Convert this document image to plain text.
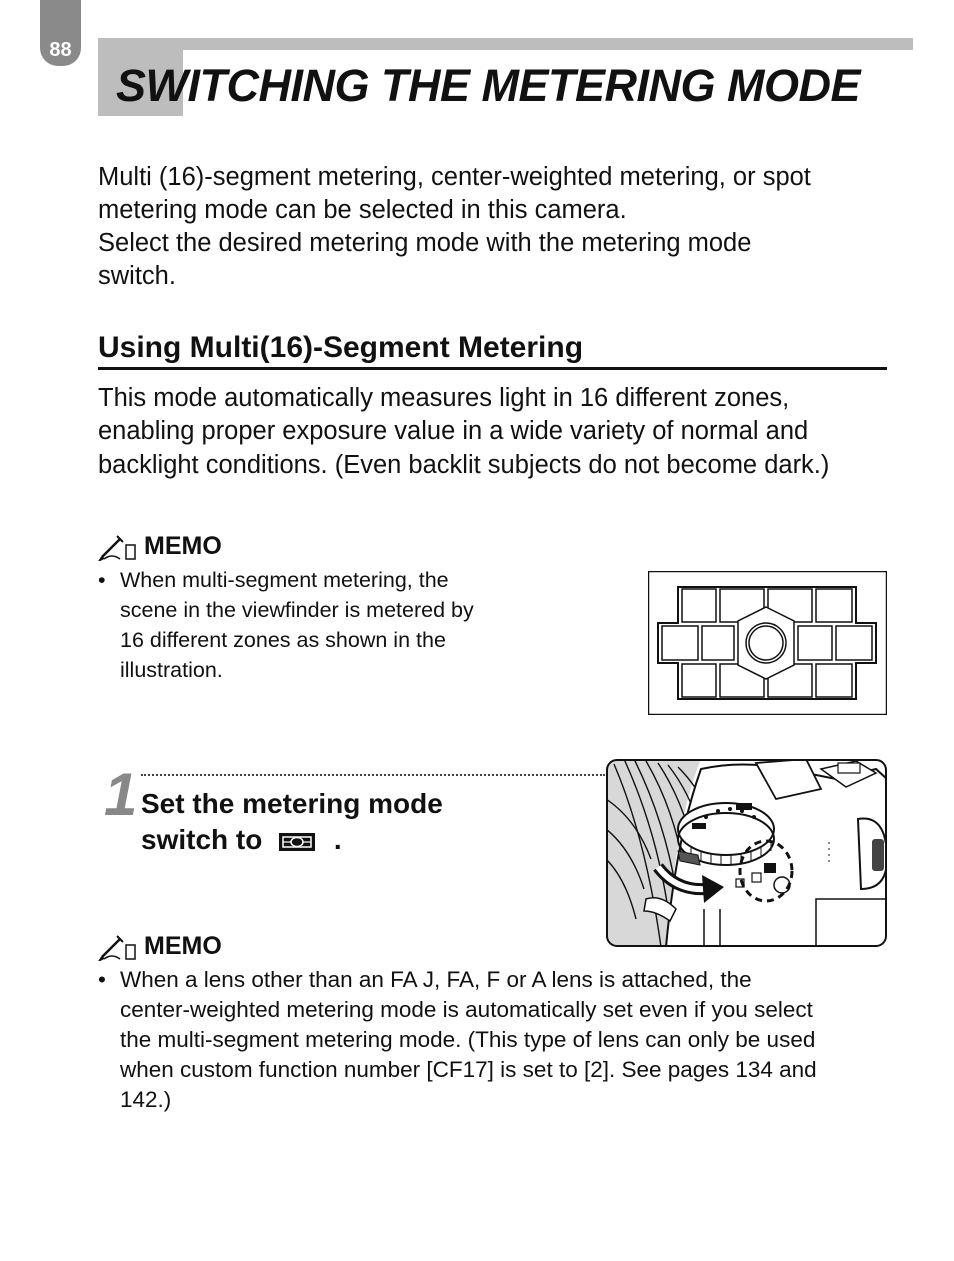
88
SWITCHING THE METERING MODE

Multi (16)-segment metering, center-weighted metering, or spot

metering mode can be selected in this camera.

Select the desired metering mode with the metering mode

switch.

Using Multi(16)-Segment Metering

This mode automatically measures light in 16 different zones,

enabling proper exposure value in a wide variety of normal and

backlight conditions. (Even backlit subjects do not become dark.)

MEMO
• When multi-segment metering, the
scene in the viewfinder is metered by
16 different zones as shown in the
illustration.
1 Set the metering mode
switch to	.

MEMO
• When a lens other than an FA J, FA, F or A lens is attached, the
center-weighted metering mode is automatically set even if you select
the multi-segment metering mode. (This type of lens can only be used
when custom function number [CF17] is set to [2]. See pages 134 and
142.)
